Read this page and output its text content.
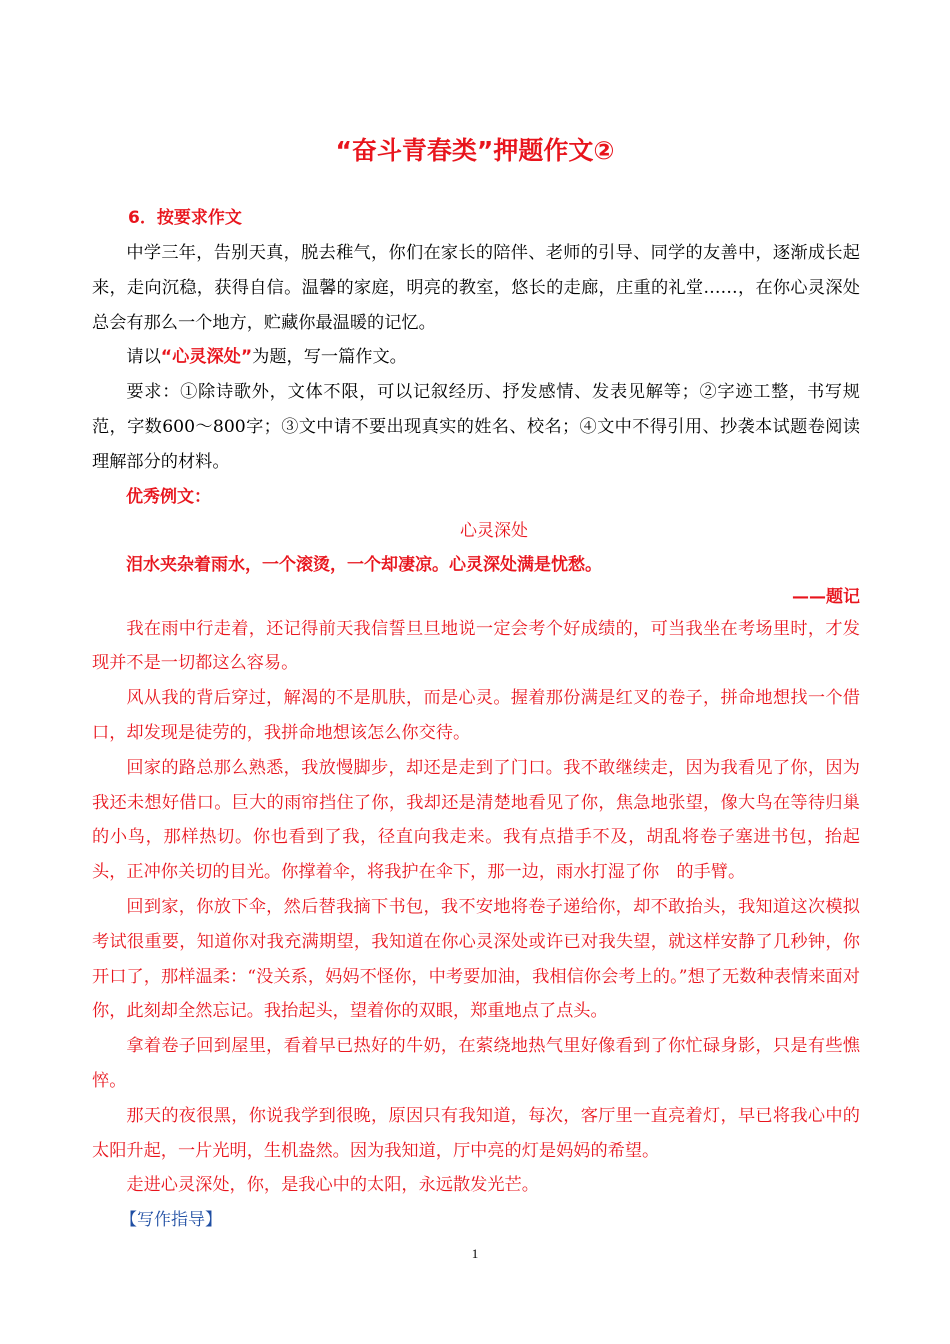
“奋斗青春类”押题作文②
6．按要求作文

中学三年，告别天真，脱去稚气，你们在家长的陪伴、老师的引导、同学的友善中，逐渐成长起来，走向沉稳，获得自信。温馨的家庭，明亮的教室，悠长的走廊，庄重的礼堂……，在你心灵深处总会有那么一个地方，贮藏你最温暖的记忆。

请以“心灵深处”为题，写一篇作文。

要求：①除诗歌外，文体不限，可以记叙经历、抒发感情、发表见解等；②字迹工整，书写规范，字数600～800字；③文中请不要出现真实的姓名、校名；④文中不得引用、抄袭本试题卷阅读理解部分的材料。

优秀例文：

心灵深处

泪水夹杂着雨水，一个滚烫，一个却凄凉。心灵深处满是忧愁。

——题记

我在雨中行走着，还记得前天我信誓旦旦地说一定会考个好成绩的，可当我坐在考场里时，才发现并不是一切都这么容易。

风从我的背后穿过，解渴的不是肌肤，而是心灵。握着那份满是红叉的卷子，拼命地想找一个借口，却发现是徒劳的，我拼命地想该怎么你交待。

回家的路总那么熟悉，我放慢脚步，却还是走到了门口。我不敢继续走，因为我看见了你，因为我还未想好借口。巨大的雨帘挡住了你，我却还是清楚地看见了你，焦急地张望，像大鸟在等待归巢的小鸟，那样热切。你也看到了我，径直向我走来。我有点措手不及，胡乱将卷子塞进书包，抬起头，正冲你关切的目光。你撑着伞，将我护在伞下，那一边，雨水打湿了你　的手臂。

回到家，你放下伞，然后替我摘下书包，我不安地将卷子递给你，却不敢抬头，我知道这次模拟考试很重要，知道你对我充满期望，我知道在你心灵深处或许已对我失望，就这样安静了几秒钟，你开口了，那样温柔：“没关系，妈妈不怪你，中考要加油，我相信你会考上的。”想了无数种表情来面对你，此刻却全然忘记。我抬起头，望着你的双眼，郑重地点了点头。

拿着卷子回到屋里，看着早已热好的牛奶，在萦绕地热气里好像看到了你忙碌身影，只是有些憔悴。

那天的夜很黑，你说我学到很晚，原因只有我知道，每次，客厅里一直亮着灯，早已将我心中的太阳升起，一片光明，生机盎然。因为我知道，厅中亮的灯是妈妈的希望。

走进心灵深处，你，是我心中的太阳，永远散发光芒。

【写作指导】

1
